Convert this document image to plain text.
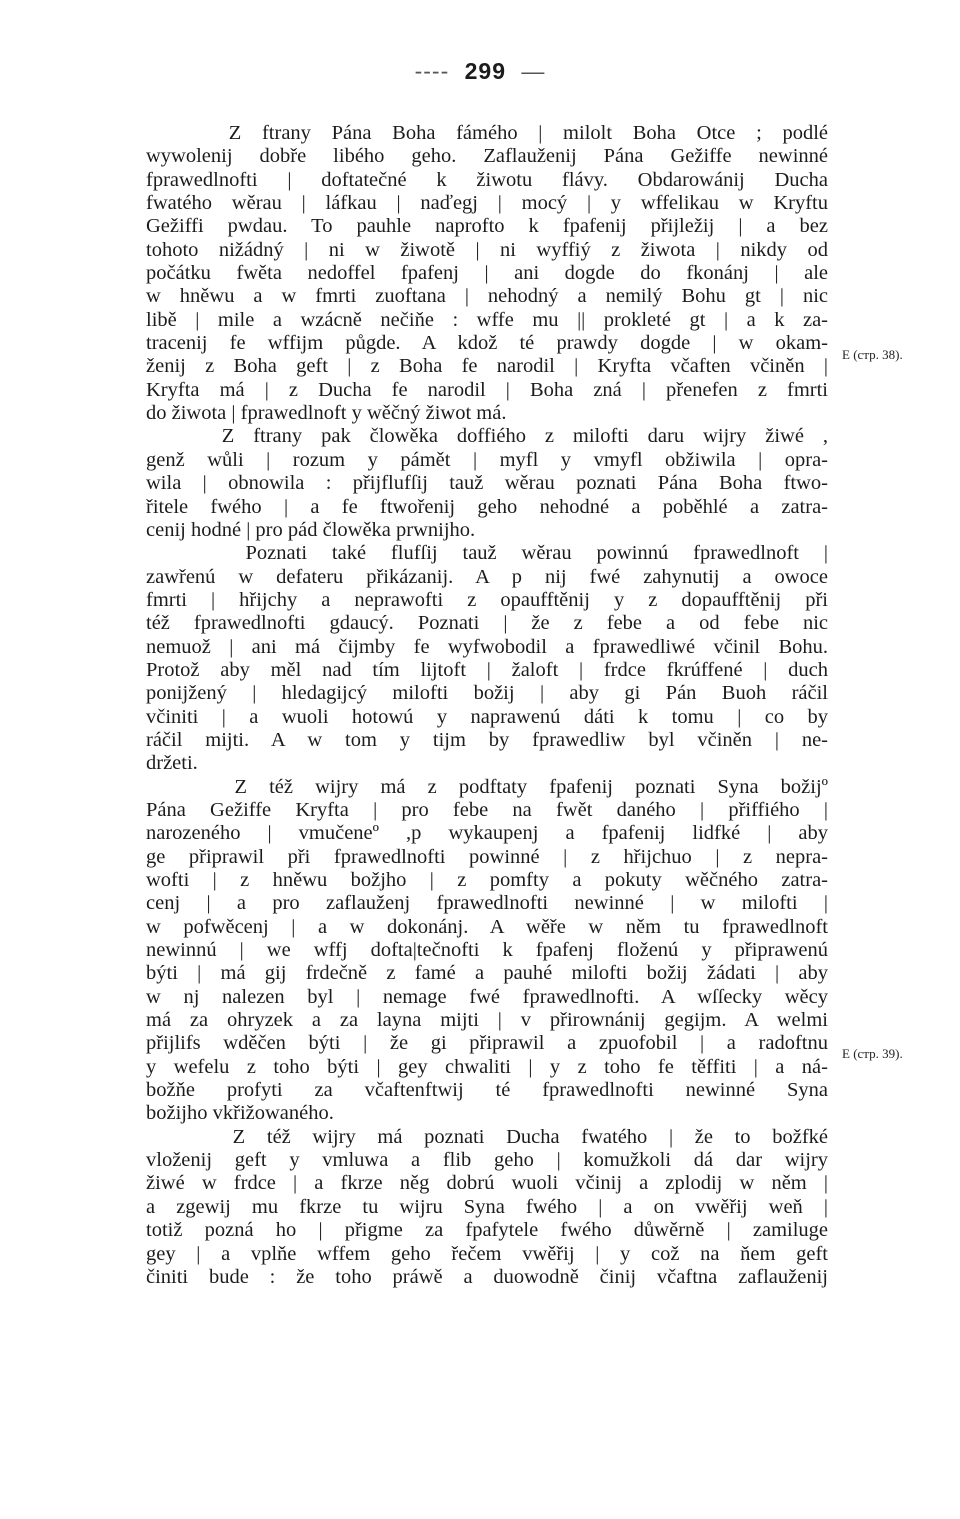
---- 299 —
Z ftrany Pána Boha fámého | milolt Boha Otce ; podlé
wywolenij dobře libého geho. Zaflauženij Pána Gežiffe newinné
fprawedlnofti | doftatečné k žiwotu flávy. Obdarowánij Ducha
fwatého wěrau | láfkau | naďegj | mocý | y wffelikau w Kryftu
Gežiffi pwdau. To pauhle naprofto k fpafenij přijležij | a bez
tohoto nižádný | ni w žiwotě | ni wyffiý z žiwota | nikdy od
počátku fwěta nedoffel fpafenj | ani dogde do fkonánj | ale
w hněwu a w fmrti zuoftana | nehodný a nemilý Bohu gt | nic
libě | mile a wzácně nečiňe : wffe mu || prokleté gt | a k za-
tracenij fe wffijm půgde. A kdož té prawdy dogde | w okam-
ženij z Boha geft | z Boha fe narodil | Kryfta včaften včiněn |
Kryfta má | z Ducha fe narodil | Boha zná | přenefen z fmrti
do žiwota | fprawedlnoft y wěčný žiwot má.
Z ftrany pak člowěka doffiého z milofti daru wijry žiwé ,
genž wůli | rozum y pámět | myfl y vmyfl obžiwila | opra-
wila | obnowila : přijflufſij tauž wěrau poznati Pána Boha ftwo-
řitele fwého | a fe ftwořenij geho nehodné a poběhlé a zatra-
cenij hodné | pro pád člowěka prwnijho.
Poznati také flufſij tauž wěrau powinnú fprawedlnoft |
zawřenú w defateru přikázanij. A p nij fwé zahynutij a owoce
fmrti | hřijchy a neprawofti z opaufftěnij y z dopaufftěnij při
též fprawedlnofti gdaucý. Poznati | že z febe a od febe nic
nemuož | ani má čijmby fe wyfwobodil a fprawedliwé včinil Bohu.
Protož aby měl nad tím lijtoft | žaloft | frdce fkrúffené | duch
ponijžený | hledagijcý milofti božij | aby gi Pán Buoh ráčil
včiniti | a wuoli hotowú y naprawenú dáti k tomu | co by
ráčil mijti. A w tom y tijm by fprawedliw byl včiněn | ne-
držeti.
Z též wijry má z podftaty fpafenij poznati Syna božijº
Pána Gežiffe Kryfta | pro febe na fwět daného | přiffiého |
narozeného | vmučeneº ,p wykaupenj a fpafenij lidfké | aby
ge připrawil při fprawedlnofti powinné | z hřijchuo | z nepra-
wofti | z hněwu božjho | z pomfty a pokuty wěčného zatra-
cenj | a pro zaflauženj fprawedlnofti newinné | w milofti |
w pofwěcenj | a w dokonánj. A wěře w něm tu fprawedlnoft
newinnú | we wffj dofta|tečnofti k fpafenj floženú y připrawenú
býti | má gij frdečně z famé a pauhé milofti božij žádati | aby
w nj nalezen byl | nemage fwé fprawedlnofti. A wſſecky wěcy
má za ohryzek a za layna mijti | v přirownánij gegijm. A welmi
přijlifs wděčen býti | že gi připrawil a zpuofobil | a radoftnu
y wefelu z toho býti | gey chwaliti | y z toho fe těffiti | a ná-
božňe profyti za včaftenftwij té fprawedlnofti newinné Syna
božijho vkřižowaného.
Z též wijry má poznati Ducha fwatého | že to božfké
vloženij geft y vmluwa a flib geho | komužkoli dá dar wijry
žiwé w frdce | a fkrze něg dobrú wuoli včinij a zplodij w něm |
a zgewij mu fkrze tu wijru Syna fwého | a on vwěřij weň |
totiž pozná ho | přigme za fpafytele fwého důwěrně | zamiluge
gey | a vplňe wffem geho řečem vwěřij | y což na ňem geft
činiti bude : že toho práwě a duowodně činij včaftna zaflauženij
E (стр. 38).
E (стр. 39).
